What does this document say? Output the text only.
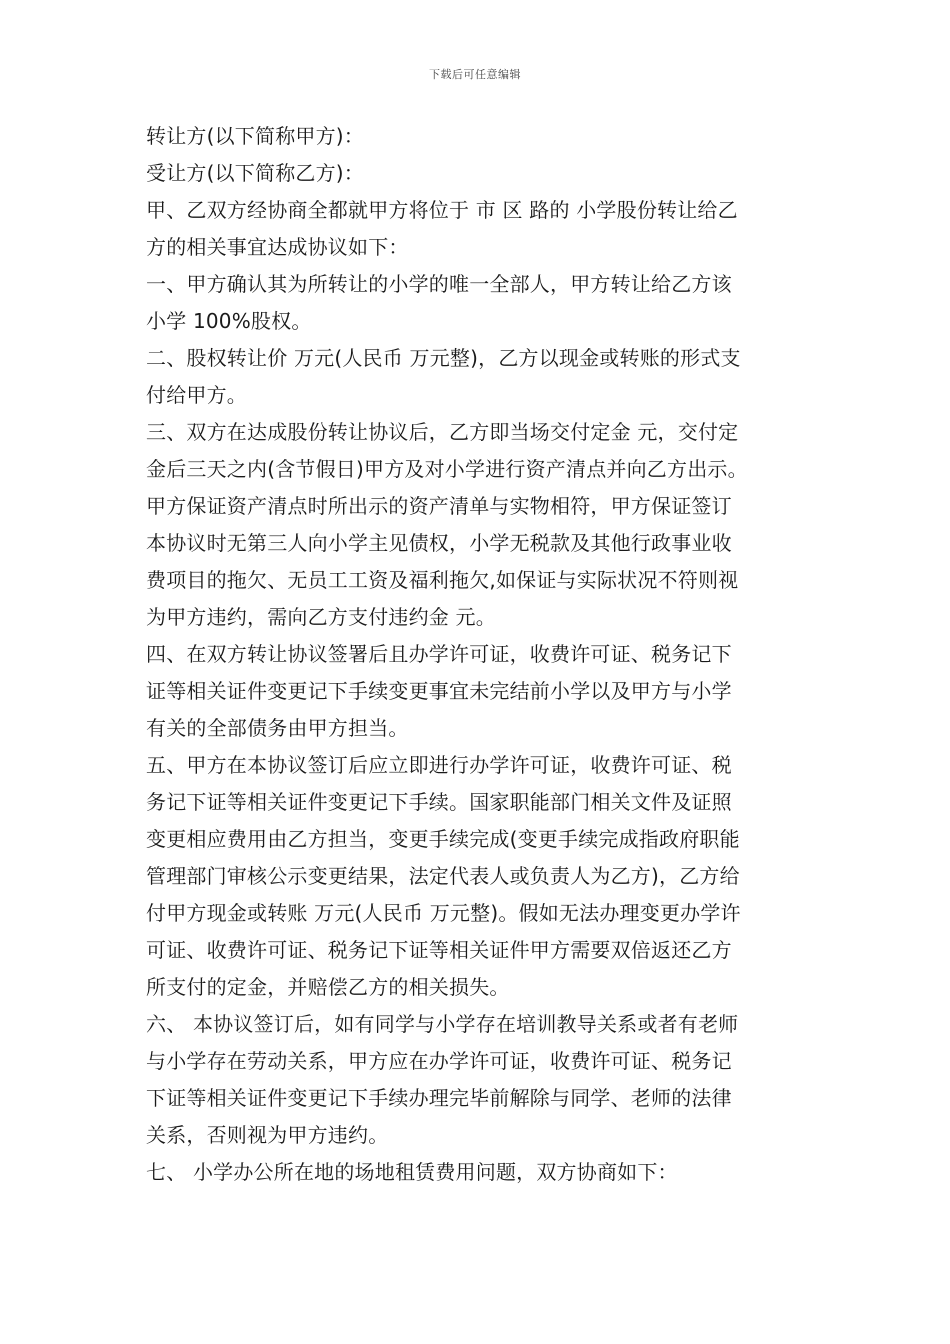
下载后可任意编辑
转让方(以下简称甲方)：
受让方(以下简称乙方)：
甲、乙双方经协商全都就甲方将位于 市 区 路的 小学股份转让给乙
方的相关事宜达成协议如下：
一、甲方确认其为所转让的小学的唯一全部人，甲方转让给乙方该
小学 100%股权。
二、股权转让价 万元(人民币 万元整)，乙方以现金或转账的形式支
付给甲方。
三、双方在达成股份转让协议后，乙方即当场交付定金 元，交付定
金后三天之内(含节假日)甲方及对小学进行资产清点并向乙方出示。
甲方保证资产清点时所出示的资产清单与实物相符，甲方保证签订
本协议时无第三人向小学主见债权，小学无税款及其他行政事业收
费项目的拖欠、无员工工资及福利拖欠,如保证与实际状况不符则视
为甲方违约，需向乙方支付违约金 元。
四、在双方转让协议签署后且办学许可证，收费许可证、税务记下
证等相关证件变更记下手续变更事宜未完结前小学以及甲方与小学
有关的全部债务由甲方担当。
五、甲方在本协议签订后应立即进行办学许可证，收费许可证、税
务记下证等相关证件变更记下手续。国家职能部门相关文件及证照
变更相应费用由乙方担当，变更手续完成(变更手续完成指政府职能
管理部门审核公示变更结果，法定代表人或负责人为乙方)，乙方给
付甲方现金或转账 万元(人民币 万元整)。假如无法办理变更办学许
可证、收费许可证、税务记下证等相关证件甲方需要双倍返还乙方
所支付的定金，并赔偿乙方的相关损失。
六、 本协议签订后，如有同学与小学存在培训教导关系或者有老师
与小学存在劳动关系，甲方应在办学许可证，收费许可证、税务记
下证等相关证件变更记下手续办理完毕前解除与同学、老师的法律
关系，否则视为甲方违约。
七、 小学办公所在地的场地租赁费用问题，双方协商如下：
